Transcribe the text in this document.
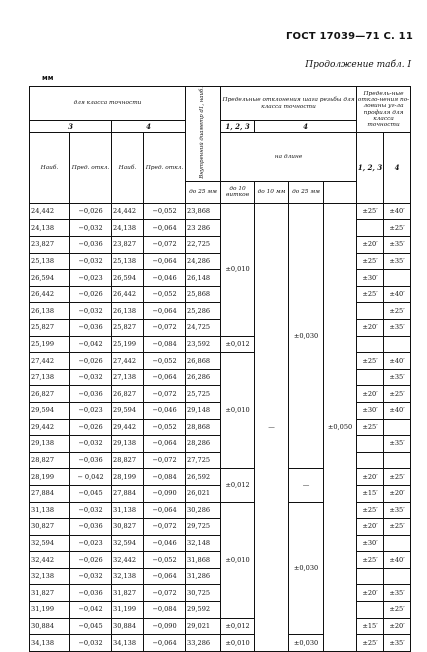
ГОСТ 17039—71 С. 11
Продолжение табл. I
мм
для класса точности				Внутренний диаметр d1, наиб.	Предельные отклонения шага резьбы для класса точности				Предель-ные откло-нения по-ловины уг-ла профиля для класса точности	
3		4			1, 2, 3	4				
Наиб.	Пред. откл.	Наиб.	Пред. откл.		на длине				1, 2, 3	4
				до 25 мм	до 10 витков	до 10 мм	до 25 мм			
24,442	−0,026	24,442	−0,052	23,868	±0,010	—	±0,030	±0,050	±25′	±40′
24,138	−0,032	24,138	−0,064	23 286						±25′
23,827	−0,036	23,827	−0,072	22,725					±20′	±35′
25,138	−0,032	25,138	−0,064	24,286					±25′	±35′
26,594	−0,023	26,594	−0,046	26,148					±30′	
26,442	−0,026	26,442	−0,052	25,868					±25′	±40′
26,138	−0,032	26,138	−0,064	25,286						±25′
25,827	−0,036	25,827	−0,072	24,725					±20′	±35′
25,199	−0,042	25,199	−0,084	23,592	±0,012					
27,442	−0,026	27,442	−0,052	26,868	±0,010				±25′	±40′
27,138	−0,032	27,138	−0,064	26,286						±35′
26,827	−0,036	26,827	−0,072	25,725					±20′	±25′
29,594	−0,023	29,594	−0,046	29,148					±30′	±40′
29,442	−0,026	29,442	−0,052	28,868					±25′	
29,138	−0,032	29,138	−0,064	28,286						±35′
28,827	−0,036	28,827	−0,072	27,725						
28,199	− 0,042	28,199	−0,084	26,592	±0,012		—		±20′	±25′
27,884	−0,045	27,884	−0,090	26,021					±15′	±20′
31,138	−0,032	31,138	−0,064	30,286	±0,010		±0,030		±25′	±35′
30,827	−0,036	30,827	−0,072	29,725					±20′	±25′
32,594	−0,023	32,594	−0,046	32,148					±30′	
32,442	−0,026	32,442	−0,052	31,868					±25′	±40′
32,138	−0,032	32,138	−0,064	31,286						
31,827	−0,036	31,827	−0,072	30,725					±20′	±35′
31,199	−0,042	31,199	−0,084	29,592						±25′
30,884	−0,045	30,884	−0,090	29,021	±0,012				±15′	±20′
34,138	−0,032	34,138	−0,064	33,286	±0,010		±0,030		±25′	±35′
